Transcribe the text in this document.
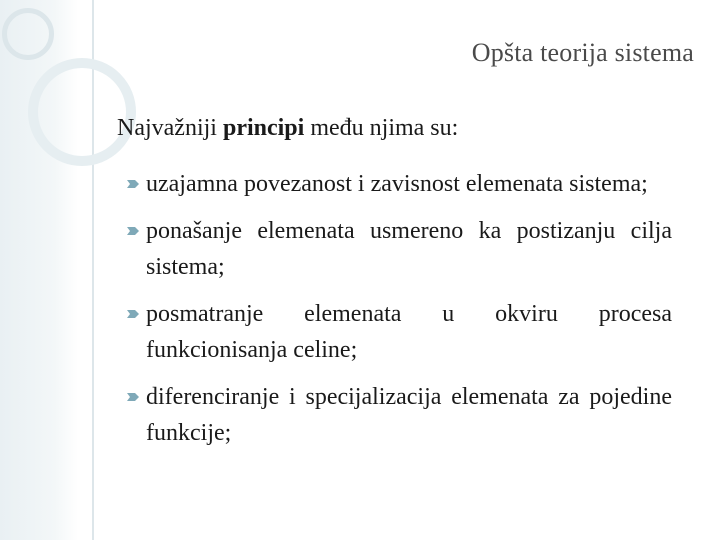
Opšta teorija sistema
Najvažniji principi među njima su:
uzajamna povezanost i zavisnost elemenata sistema;
ponašanje elemenata usmereno ka postizanju cilja sistema;
posmatranje elemenata u okviru procesa funkcionisanja celine;
diferenciranje i specijalizacija elemenata za pojedine funkcije;
